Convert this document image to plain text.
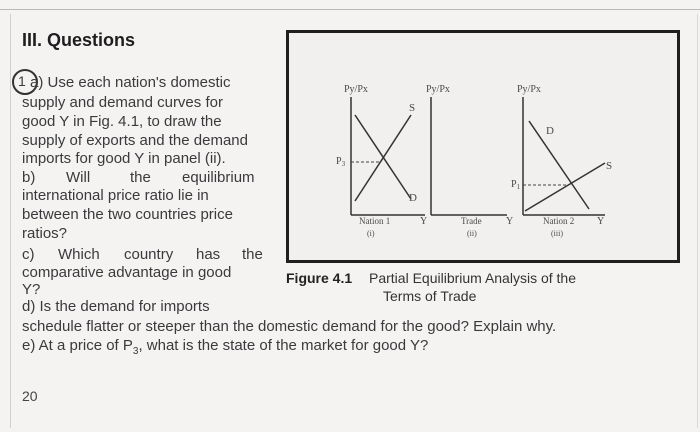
III. Questions
1 a) Use each nation's domestic
supply and demand curves for
good Y in Fig. 4.1, to draw the
supply of exports and the demand
imports for good Y in panel (ii).
b) Will	the equilibrium
international price ratio lie in
between the two countries price
ratios?
c) Which country has the
comparative advantage in good
Y?
d) Is the demand for imports
schedule flatter or steeper than the domestic demand for the good? Explain why.
e) At a price of $P_3$, what is the state of the market for good Y?
Py/Px
S
D
$P_3$
Nation 1	Y
(i)
Py/Px
Trade Y
(ii)
Py/Px
D
S
$P_1$
Nation 2 Y
(iii)
Figure 4.1 Partial Equilibrium Analysis of the
Terms of Trade
20
